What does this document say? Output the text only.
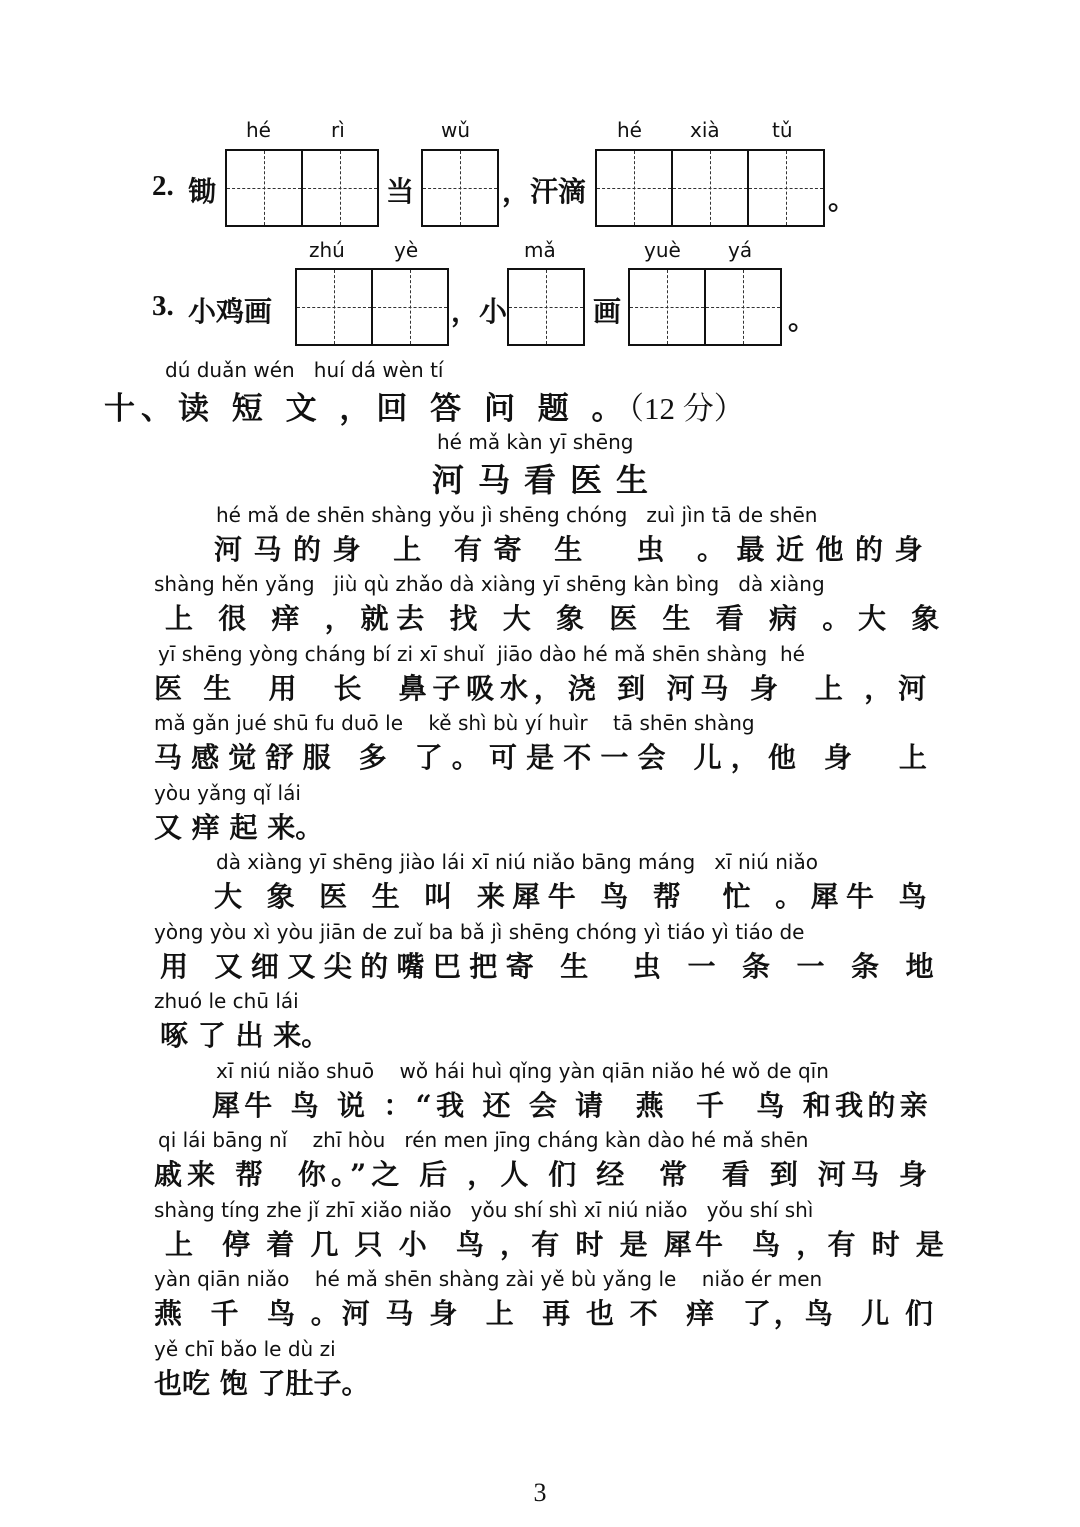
hé	rì	wǔ	hé xià	tǔ
2. 锄	当	，汗滴	。
zhú yè	mǎ	yuè yá
3. 小鸡画	，小	画	。
dú duǎn wén   huí dá wèn tí
十、读 短 文 ，回 答 问 题 。（12 分）
hé mǎ kàn yī shēng
河马看医生
hé mǎ de shēn shàng yǒu jì shēng chóng   zuì jìn tā de shēn
河马的身 上 有寄 生  虫 。最近他的身
shàng hěn yǎng   jiù qù zhǎo dà xiàng yī shēng kàn bìng   dà xiàng
上 很 痒 ，就去 找 大 象 医 生 看 病 。大 象
yī shēng yòng cháng bí zi xī shuǐ  jiāo dào hé mǎ shēn shàng  hé
医 生  用  长  鼻子吸水，浇 到 河马 身  上 ，河
mǎ gǎn jué shū fu duō le    kě shì bù yí huìr    tā shēn shàng
马感觉舒服 多 了。可是不一会 儿，他 身  上
yòu yǎng qǐ lái
又 痒 起 来。
dà xiàng yī shēng jiào lái xī niú niǎo bāng máng   xī niú niǎo
大 象 医 生 叫 来犀牛 鸟 帮  忙 。犀牛 鸟
yòng yòu xì yòu jiān de zuǐ ba bǎ jì shēng chóng yì tiáo yì tiáo de
用 又细又尖的嘴巴把寄 生  虫 一 条 一 条 地
zhuó le chū lái
啄 了 出 来。
xī niú niǎo shuō    wǒ hái huì qǐng yàn qiān niǎo hé wǒ de qīn
犀牛 鸟 说 ：“我 还 会 请  燕  千  鸟 和我的亲
qi lái bāng nǐ    zhī hòu   rén men jīng cháng kàn dào hé mǎ shēn
戚来 帮  你。”之 后 ，人 们 经  常  看 到 河马 身
shàng tíng zhe jǐ zhī xiǎo niǎo   yǒu shí shì xī niú niǎo   yǒu shí shì
上  停 着 几 只 小  鸟 ，有 时 是 犀牛  鸟 ，有 时 是
yàn qiān niǎo    hé mǎ shēn shàng zài yě bù yǎng le    niǎo ér men
燕  千  鸟 。河 马 身  上  再 也 不  痒  了，鸟  儿 们
yě chī bǎo le dù zi
也吃 饱 了肚子。
3
